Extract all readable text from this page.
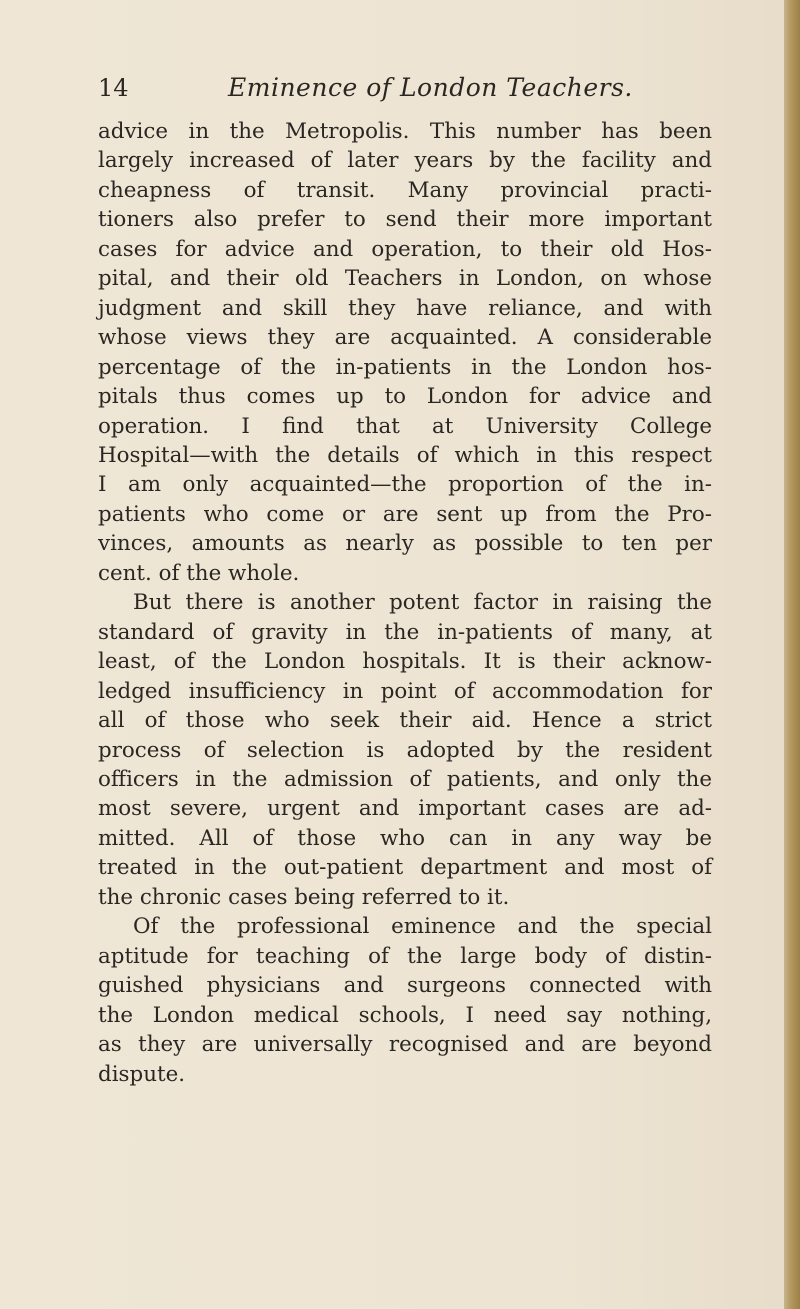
14	Eminence of London Teachers.

advice in the Metropolis. This number has been

largely increased of later years by the facility and

cheapness of transit. Many provincial practi-

tioners also prefer to send their more important

cases for advice and operation, to their old Hos-

pital, and their old Teachers in London, on whose

judgment and skill they have reliance, and with

whose views they are acquainted. A considerable

percentage of the in-patients in the London hos-

pitals thus comes up to London for advice and

operation. I find that at University College

Hospital—with the details of which in this respect

I am only acquainted—the proportion of the in-

patients who come or are sent up from the Pro-

vinces, amounts as nearly as possible to ten per

cent. of the whole.

But there is another potent factor in raising the

standard of gravity in the in-patients of many, at

least, of the London hospitals. It is their acknow-

ledged insufficiency in point of accommodation for

all of those who seek their aid. Hence a strict

process of selection is adopted by the resident

officers in the admission of patients, and only the

most severe, urgent and important cases are ad-

mitted. All of those who can in any way be

treated in the out-patient department and most of

the chronic cases being referred to it.

Of the professional eminence and the special

aptitude for teaching of the large body of distin-

guished physicians and surgeons connected with

the London medical schools, I need say nothing,

as they are universally recognised and are beyond

dispute.
